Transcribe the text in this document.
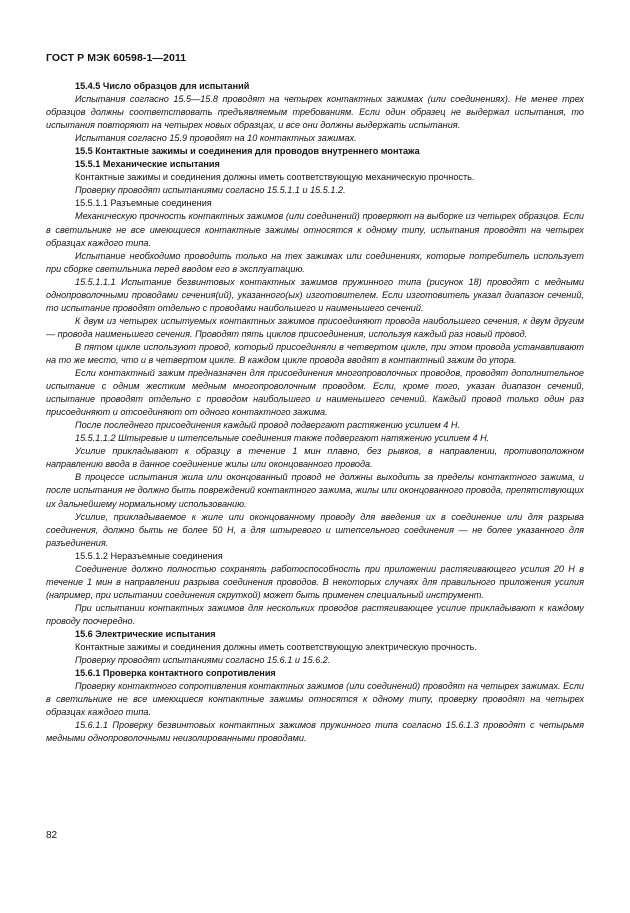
ГОСТ Р МЭК 60598-1—2011

15.4.5 Число образцов для испытаний

Испытания согласно 15.5—15.8 проводят на четырех контактных зажимах (или соединениях). Не менее трех образцов должны соответствовать предъявляемым требованиям. Если один образец не выдержал испытания, то испытания повторяют на четырех новых образцах, и все они должны выдержать испытания.

Испытания согласно 15.9 проводят на 10 контактных зажимах.

15.5 Контактные зажимы и соединения для проводов внутреннего монтажа

15.5.1 Механические испытания

Контактные зажимы и соединения должны иметь соответствующую механическую прочность.

Проверку проводят испытаниями согласно 15.5.1.1 и 15.5.1.2.

15.5.1.1 Разъемные соединения

Механическую прочность контактных зажимов (или соединений) проверяют на выборке из четырех образцов. Если в светильнике не все имеющиеся контактные зажимы относятся к одному типу, испытания проводят на четырех образцах каждого типа.

Испытание необходимо проводить только на тех зажимах или соединениях, которые потребитель использует при сборке светильника перед вводом его в эксплуатацию.

15.5.1.1.1 Испытание безвинтовых контактных зажимов пружинного типа (рисунок 18) проводят с медными однопроволочными проводами сечения(ий), указанного(ых) изготовителем. Если изготовитель указал диапазон сечений, то испытание проводят отдельно с проводами наибольшего и наименьшего сечений.

К двум из четырех испытуемых контактных зажимов присоединяют провода наибольшего сечения, к двум другим — провода наименьшего сечения. Проводят пять циклов присоединения, используя каждый раз новый провод.

В пятом цикле используют провод, который присоединяли в четвертом цикле, при этом провода устанавливают на то же место, что и в четвертом цикле. В каждом цикле провода вводят в контактный зажим до упора.

Если контактный зажим предназначен для присоединения многопроволочных проводов, проводят дополнительное испытание с одним жестким медным многопроволочным проводом. Если, кроме того, указан диапазон сечений, испытание проводят отдельно с проводом наибольшего и наименьшего сечений. Каждый провод только один раз присоединяют и отсоединяют от одного контактного зажима.

После последнего присоединения каждый провод подвергают растяжению усилием 4 Н.

15.5.1.1.2 Штыревые и штепсельные соединения также подвергают натяжению усилием 4 Н.

Усилие прикладывают к образцу в течение 1 мин плавно, без рывков, в направлении, противоположном направлению ввода в данное соединение жилы или оконцованного провода.

В процессе испытания жила или оконцованный провод не должны выходить за пределы контактного зажима, и после испытания не должно быть повреждений контактного зажима, жилы или оконцованного провода, препятствующих их дальнейшему нормальному использованию.

Усилие, прикладываемое к жиле или оконцованному проводу для введения их в соединение или для разрыва соединения, должно быть не более 50 Н, а для штыревого и штепсельного соединения — не более указанного для разъединения.

15.5.1.2 Неразъемные соединения

Соединение должно полностью сохранять работоспособность при приложении растягивающего усилия 20 Н в течение 1 мин в направлении разрыва соединения проводов. В некоторых случаях для правильного приложения усилия (например, при испытании соединения скруткой) может быть применен специальный инструмент.

При испытании контактных зажимов для нескольких проводов растягивающее усилие прикладывают к каждому проводу поочередно.

15.6 Электрические испытания

Контактные зажимы и соединения должны иметь соответствующую электрическую прочность.

Проверку проводят испытаниями согласно 15.6.1 и 15.6.2.

15.6.1 Проверка контактного сопротивления

Проверку контактного сопротивления контактных зажимов (или соединений) проводят на четырех зажимах. Если в светильнике не все имеющиеся контактные зажимы относятся к одному типу, проверку проводят на четырех образцах каждого типа.

15.6.1.1 Проверку безвинтовых контактных зажимов пружинного типа согласно 15.6.1.3 проводят с четырьмя медными однопроволочными неизолированными проводами.

82
